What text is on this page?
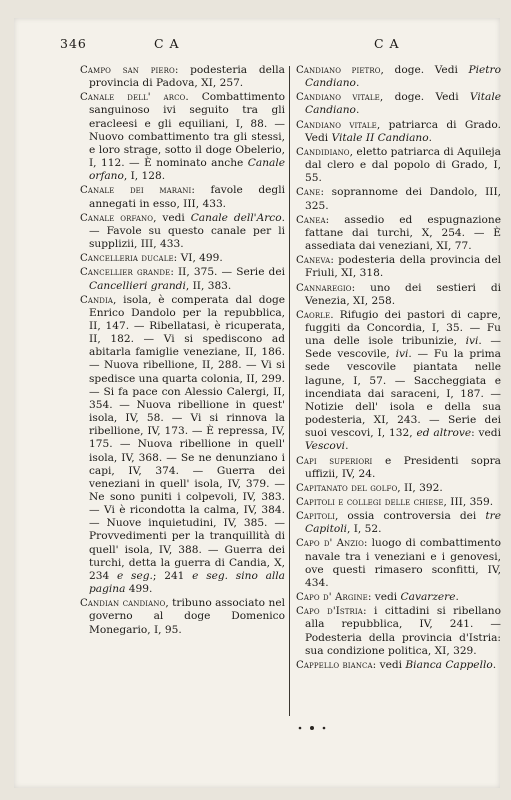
346	C A	C A

Campo san piero: podesteria della provincia di Padova, XI, 257.

Canale dell' arco. Combattimento sanguinoso ivi seguito tra gli eracleesi e gli equiliani, I, 88. — Nuovo combattimento tra gli stessi, e loro strage, sotto il doge Obelerio, I, 112. — È nominato anche Canale orfano, I, 128.

Canale dei marani: favole degli annegati in esso, III, 433.

Canale orfano, vedi Canale dell'Arco. — Favole su questo canale per li supplizii, III, 433.

Cancelleria ducale: VI, 499.

Cancellier grande: II, 375. — Serie dei Cancellieri grandi, II, 383.

Candia, isola, è comperata dal doge Enrico Dandolo per la repubblica, II, 147. — Ribellatasi, è ricuperata, II, 182. — Vi si spediscono ad abitarla famiglie veneziane, II, 186. — Nuova ribellione, II, 288. — Vi si spedisce una quarta colonia, II, 299. — Si fa pace con Alessio Calergi, II, 354. — Nuova ribellione in quest' isola, IV, 58. — Vi si rinnova la ribellione, IV, 173. — È repressa, IV, 175. — Nuova ribellione in quell' isola, IV, 368. — Se ne denunziano i capi, IV, 374. — Guerra dei veneziani in quell' isola, IV, 379. — Ne sono puniti i colpevoli, IV, 383. — Vi è ricondotta la calma, IV, 384. — Nuove inquietudini, IV, 385. — Provvedimenti per la tranquillità di quell' isola, IV, 388. — Guerra dei turchi, detta la guerra di Candia, X, 234 e seg.; 241 e seg. sino alla pagina 499.

Candian candiano, tribuno associato nel governo al doge Domenico Monegario, I, 95.

Candiano pietro, doge. Vedi Pietro Candiano.

Candiano vitale, doge. Vedi Vitale Candiano.

Candiano vitale, patriarca di Grado. Vedi Vitale II Candiano.

Candidiano, eletto patriarca di Aquileja dal clero e dal popolo di Grado, I, 55.

Cane: soprannome dei Dandolo, III, 325.

Canea: assedio ed espugnazione fattane dai turchi, X, 254. — È assediata dai veneziani, XI, 77.

Caneva: podesteria della provincia del Friuli, XI, 318.

Cannaregio: uno dei sestieri di Venezia, XI, 258.

Caorle. Rifugio dei pastori di capre, fuggiti da Concordia, I, 35. — Fu una delle isole tribunizie, ivi. — Sede vescovile, ivi. — Fu la prima sede vescovile piantata nelle lagune, I, 57. — Saccheggiata e incendiata dai saraceni, I, 187. — Notizie dell' isola e della sua podesteria, XI, 243. — Serie dei suoi vescovi, I, 132, ed altrove: vedi Vescovi.

Capi superiori e Presidenti sopra uffizii, IV, 24.

Capitanato del golfo, II, 392.

Capitoli e collegi delle chiese, III, 359.

Capitoli, ossia controversia dei tre Capitoli, I, 52.

Capo d' Anzio: luogo di combattimento navale tra i veneziani e i genovesi, ove questi rimasero sconfitti, IV, 434.

Capo d' Argine: vedi Cavarzere.

Capo d'Istria: i cittadini si ribellano alla repubblica, IV, 241. — Podesteria della provincia d'Istria: sua condizione politica, XI, 329.

Cappello bianca: vedi Bianca Cappello.
